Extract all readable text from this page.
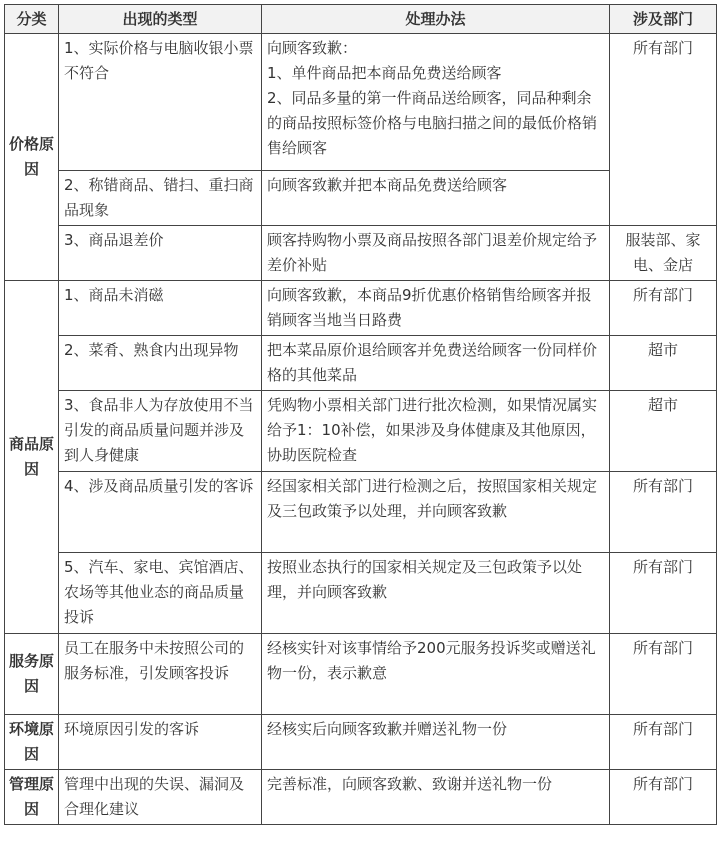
分类	出现的类型	处理办法	涉及部门
价格原因	1、实际价格与电脑收银小票不符合	向顾客致歉：
1、单件商品把本商品免费送给顾客
2、同品多量的第一件商品送给顾客，同品种剩余的商品按照标签价格与电脑扫描之间的最低价格销售给顾客	所有部门
	2、称错商品、错扫、重扫商品现象	向顾客致歉并把本商品免费送给顾客	
	3、商品退差价	顾客持购物小票及商品按照各部门退差价规定给予差价补贴	服装部、家电、金店
商品原因	1、商品未消磁	向顾客致歉，本商品9折优惠价格销售给顾客并报销顾客当地当日路费	所有部门
	2、菜肴、熟食内出现异物	把本菜品原价退给顾客并免费送给顾客一份同样价格的其他菜品	超市
	3、食品非人为存放使用不当引发的商品质量问题并涉及到人身健康	凭购物小票相关部门进行批次检测，如果情况属实给予1：10补偿，如果涉及身体健康及其他原因，协助医院检查	超市
	4、涉及商品质量引发的客诉	经国家相关部门进行检测之后，按照国家相关规定及三包政策予以处理，并向顾客致歉	所有部门
	5、汽车、家电、宾馆酒店、农场等其他业态的商品质量投诉	按照业态执行的国家相关规定及三包政策予以处理，并向顾客致歉	所有部门
服务原因	员工在服务中未按照公司的服务标准，引发顾客投诉	经核实针对该事情给予200元服务投诉奖或赠送礼物一份，表示歉意	所有部门
环境原因	环境原因引发的客诉	经核实后向顾客致歉并赠送礼物一份	所有部门
管理原因	管理中出现的失误、漏洞及合理化建议	完善标准，向顾客致歉、致谢并送礼物一份	所有部门
